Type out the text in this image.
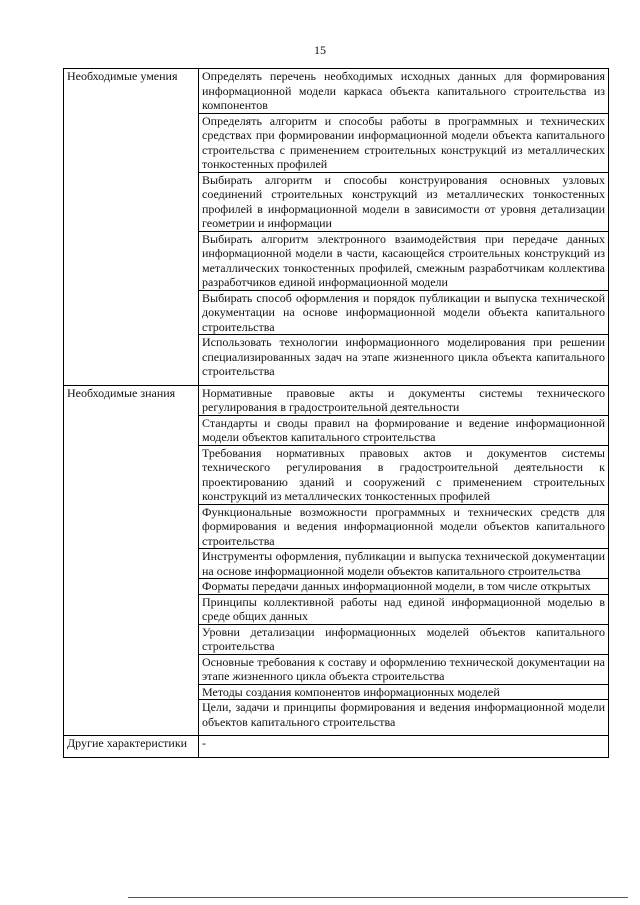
15
Необходимые умения	Определять перечень необходимых исходных данных для формирования информационной модели каркаса объекта капитального строительства из компонентов
	Определять алгоритм и способы работы в программных и технических средствах при формировании информационной модели объекта капитального строительства с применением строительных конструкций из металлических тонкостенных профилей
	Выбирать алгоритм и способы конструирования основных узловых соединений строительных конструкций из металлических тонкостенных профилей в информационной модели в зависимости от уровня детализации геометрии и информации
	Выбирать алгоритм электронного взаимодействия при передаче данных информационной модели в части, касающейся строительных конструкций из металлических тонкостенных профилей, смежным разработчикам коллектива разработчиков единой информационной модели
	Выбирать способ оформления и порядок публикации и выпуска технической документации на основе информационной модели объекта капитального строительства
	Использовать технологии информационного моделирования при решении специализированных задач на этапе жизненного цикла объекта капитального строительства
Необходимые знания	Нормативные правовые акты и документы системы технического регулирования в градостроительной деятельности
	Стандарты и своды правил на формирование и ведение информационной модели объектов капитального строительства
	Требования нормативных правовых актов и документов системы технического регулирования в градостроительной деятельности к проектированию зданий и сооружений с применением строительных конструкций из металлических тонкостенных профилей
	Функциональные возможности программных и технических средств для формирования и ведения информационной модели объектов капитального строительства
	Инструменты оформления, публикации и выпуска технической документации на основе информационной модели объектов капитального строительства
	Форматы передачи данных информационной модели, в том числе открытых
	Принципы коллективной работы над единой информационной моделью в среде общих данных
	Уровни детализации информационных моделей объектов капитального строительства
	Основные требования к составу и оформлению технической документации на этапе жизненного цикла объекта строительства
	Методы создания компонентов информационных моделей
	Цели, задачи и принципы формирования и ведения информационной модели объектов капитального строительства
Другие характеристики	-
